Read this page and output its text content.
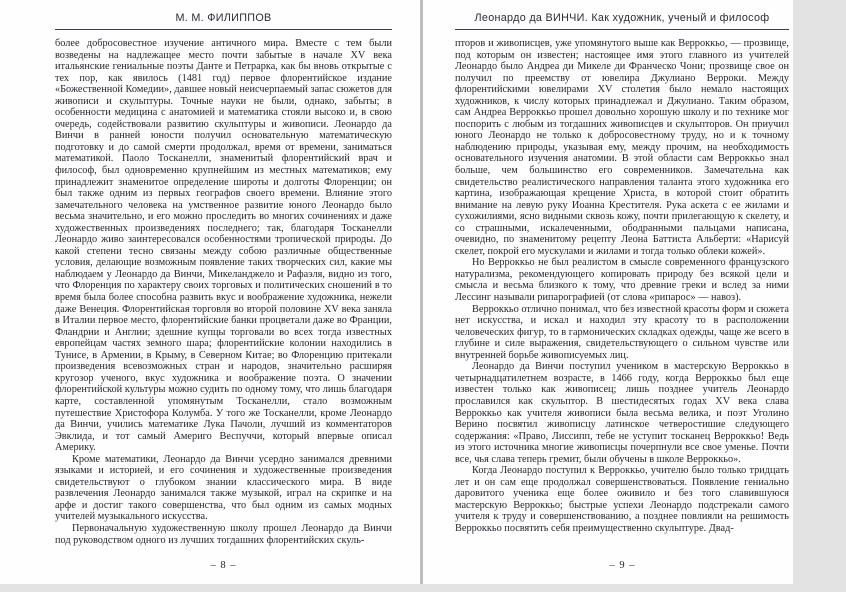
М. М. ФИЛИППОВ

более добросовестное изучение античного мира. Вместе с тем были возведены на надлежащее место почти забытые в начале XV века итальянские гениальные поэты Данте и Петрарка, как бы вновь открытые с тех пор, как явилось (1481 год) первое флорентийское издание «Божественной Комедии», давшее новый неисчерпаемый запас сюжетов для живописи и скульптуры. Точные науки не были, однако, забыты; в особенности медицина с анатомией и математика стояли высоко и, в свою очередь, содействовали развитию скульптуры и живописи. Леонардо да Винчи в ранней юности получил основательную математическую подготовку и до самой смерти продолжал, время от времени, заниматься математикой. Паоло Тосканелли, знаменитый флорентийский врач и философ, был одновременно крупнейшим из местных математиков; ему принадлежит знаменитое определение широты и долготы Флоренции; он был также одним из первых географов своего времени. Влияние этого замечательного человека на умственное развитие юного Леонардо было весьма значительно, и его можно проследить во многих сочинениях и даже художественных произведениях последнего; так, благодаря Тосканелли Леонардо живо заинтересовался особенностями тропической природы. До какой степени тесно связаны между собою различные общественные условия, делающие возможным появление таких творческих сил, какие мы наблюдаем у Леонардо да Винчи, Микеланджело и Рафаэля, видно из того, что Флоренция по характеру своих торговых и политических сношений в то время была более способна развить вкус и воображение художника, нежели даже Венеция. Флорентийская торговля во второй половине XV века заняла в Италии первое место, флорентийские банки процветали даже во Франции, Фландрии и Англии; здешние купцы торговали во всех тогда известных европейцам частях земного шара; флорентийские колонии находились в Тунисе, в Армении, в Крыму, в Северном Китае; во Флоренцию притекали произведения всевозможных стран и народов, значительно расширяя кругозор ученого, вкус художника и воображение поэта. О значении флорентийской культуры можно судить по одному тому, что лишь благодаря карте, составленной упомянутым Тосканелли, стало возможным путешествие Христофора Колумба. У того же Тосканелли, кроме Леонардо да Винчи, учились математике Лука Пачоли, лучший из комментаторов Эвклида, и тот самый Америго Веспуччи, который впервые описал Америку.

Кроме математики, Леонардо да Винчи усердно занимался древними языками и историей, и его сочинения и художественные произведения свидетельствуют о глубоком знании классического мира. В виде развлечения Леонардо занимался также музыкой, играл на скрипке и на арфе и достиг такого совершенства, что был одним из самых модных учителей музыкального искусства.

Первоначальную художественную школу прошел Леонардо да Винчи под руководством одного из лучших тогдашних флорентийских скуль-

– 8 –
Леонардо да ВИНЧИ. Как художник, ученый и философ

пторов и живописцев, уже упомянутого выше как Верроккьо, — прозвище, под которым он известен; настоящее имя этого главного из учителей Леонардо было Андреа ди Микеле ди Франческо Чони; прозвище свое он получил по преемству от ювелира Джулиано Верроки. Между флорентийскими ювелирами XV столетия было немало настоящих художников, к числу которых принадлежал и Джулиано. Таким образом, сам Андреа Верроккьо прошел довольно хорошую школу и по технике мог поспорить с любым из тогдашних живописцев и скульпторов. Он приучил юного Леонардо не только к добросовестному труду, но и к точному наблюдению природы, указывая ему, между прочим, на необходимость основательного изучения анатомии. В этой области сам Верроккьо знал больше, чем большинство его современников. Замечательна как свидетельство реалистического направления таланта этого художника его картина, изображающая крещение Христа, в которой стоит обратить внимание на левую руку Иоанна Крестителя. Рука аскета с ее жилами и сухожилиями, ясно видными сквозь кожу, почти прилегающую к скелету, и со страшными, искалеченными, ободранными пальцами написана, очевидно, по знаменитому рецепту Леона Баттиста Альберти: «Нарисуй скелет, покрой его мускулами и жилами и тогда только облеки кожей».

Но Верроккьо не был реалистом в смысле современного французского натурализма, рекомендующего копировать природу без всякой цели и смысла и весьма близкого к тому, что древние греки и вслед за ними Лессинг называли рипарографией (от слова «рипарос» — навоз).

Верроккьо отлично понимал, что без известной красоты форм и сюжета нет искусства, и искал и находил эту красоту то в расположении человеческих фигур, то в гармонических складках одежды, чаще же всего в глубине и силе выражения, свидетельствующего о сильном чувстве или внутренней борьбе живописуемых лиц.

Леонардо да Винчи поступил учеником в мастерскую Верроккьо в четырнадцатилетнем возрасте, в 1466 году, когда Верроккьо был еще известен только как живописец; лишь позднее учитель Леонардо прославился как скульптор. В шестидесятых годах XV века слава Верроккьо как учителя живописи была весьма велика, и поэт Уголино Верино посвятил живописцу латинское четверостишие следующего содержания: «Право, Лиссипп, тебе не уступит тосканец Верроккьо! Ведь из этого источника многие живописцы почерпнули все свое уменье. Почти все, чья слава теперь гремит, были обучены в школе Верроккьо».

Когда Леонардо поступил к Верроккьо, учителю было только тридцать лет и он сам еще продолжал совершенствоваться. Появление гениально даровитого ученика еще более оживило и без того славившуюся мастерскую Верроккьо; быстрые успехи Леонардо подстрекали самого учителя к труду и совершенствованию, а позднее повлияли на решимость Верроккьо посвятить себя преимущественно скульптуре. Двад-

– 9 –
